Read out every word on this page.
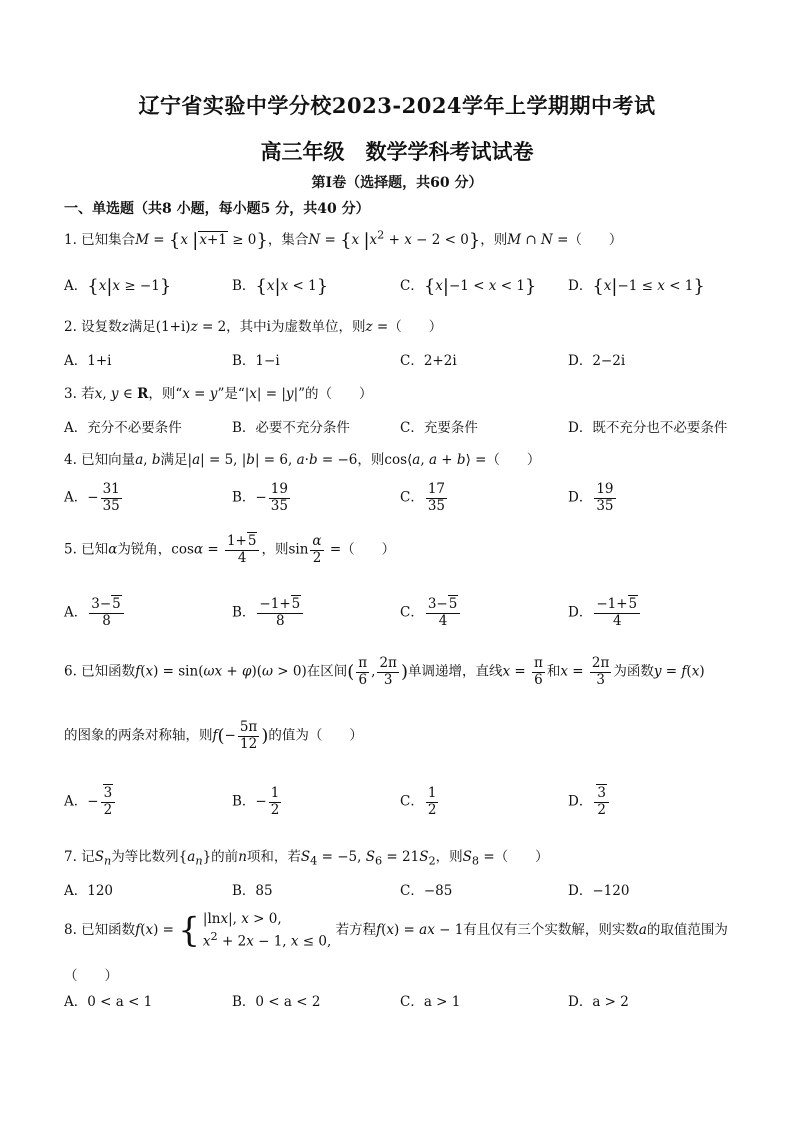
辽宁省实验中学分校2023-2024学年上学期期中考试
高三年级　数学学科考试试卷
第Ⅰ卷（选择题，共60 分）
一、单选题（共8 小题，每小题5 分，共40 分）
1. 已知集合M = {x |x+1 ≥ 0}，集合N = {x $|x^2 + x - 2 < 0$}，则M ∩ N =（　　）
A．{x|x ≥ −1}	B．{x|x < 1}	C．{x|−1 < x < 1} D．{x|−1 ≤ x < 1}
2. 设复数z满足(1+i)z = 2，其中i为虚数单位，则z =（　　）
A．1+i	B．1−i	C．2+2i	D．2−2i
3. 若x, y ∈ R，则“x = y”是“|x| = |y|”的（　　）
A．充分不必要条件	B．必要不充分条件	C．充要条件	D．既不充分也不必要条件
4. 已知向量a, b满足|a| = 5, |b| = 6, a·b = −6，则cos⟨a, a + b⟩ =（　　）
A．− $\frac{31}{35}$	B．− $\frac{19}{35}$	C． $\frac{17}{35}$	D． $\frac{19}{35}$
5. 已知α为锐角，$\cos\alpha = \frac{1+5}{4}$ ，则$\sin \frac{\alpha}{2}$ =（　　）
A． $\frac{3-5}{8}$	B． $\frac{-1+5}{8}$	C． $\frac{3-5}{4}$	D． $\frac{-1+5}{4}$
6. 已知函数f(x) = sin(ωx + φ)(ω > 0)在区间( $\frac{\pi}{6}$ , $\frac{2\pi}{3}$ )单调递增，直线$x = \frac{\pi}{6}$ 和$x = \frac{2\pi}{3}$ 为函数y = f(x)
的图象的两条对称轴，则$f(- \frac{5\pi}{12}$ )的值为（　　）
A．− $\frac{3}{2}$	B．− $\frac{1}{2}$	C． $\frac{1}{2}$	D． $\frac{3}{2}$
7. 记$S_n$为等比数列$\{a_n\}$的前n项和，若$S_4 = -5$, $S_6 = 21S_2$，则$S_8$ =（　　）
A．120	B．85	C．−85	D．−120
8. 已知函数f(x) = { |lnx|, x > 0,
$x^2 + 2x - 1$, x ≤ 0,
若方程f(x) = ax − 1有且仅有三个实数解，则实数a的取值范围为
（　　）
A．0 < a < 1	B．0 < a < 2	C．a > 1	D．a > 2
